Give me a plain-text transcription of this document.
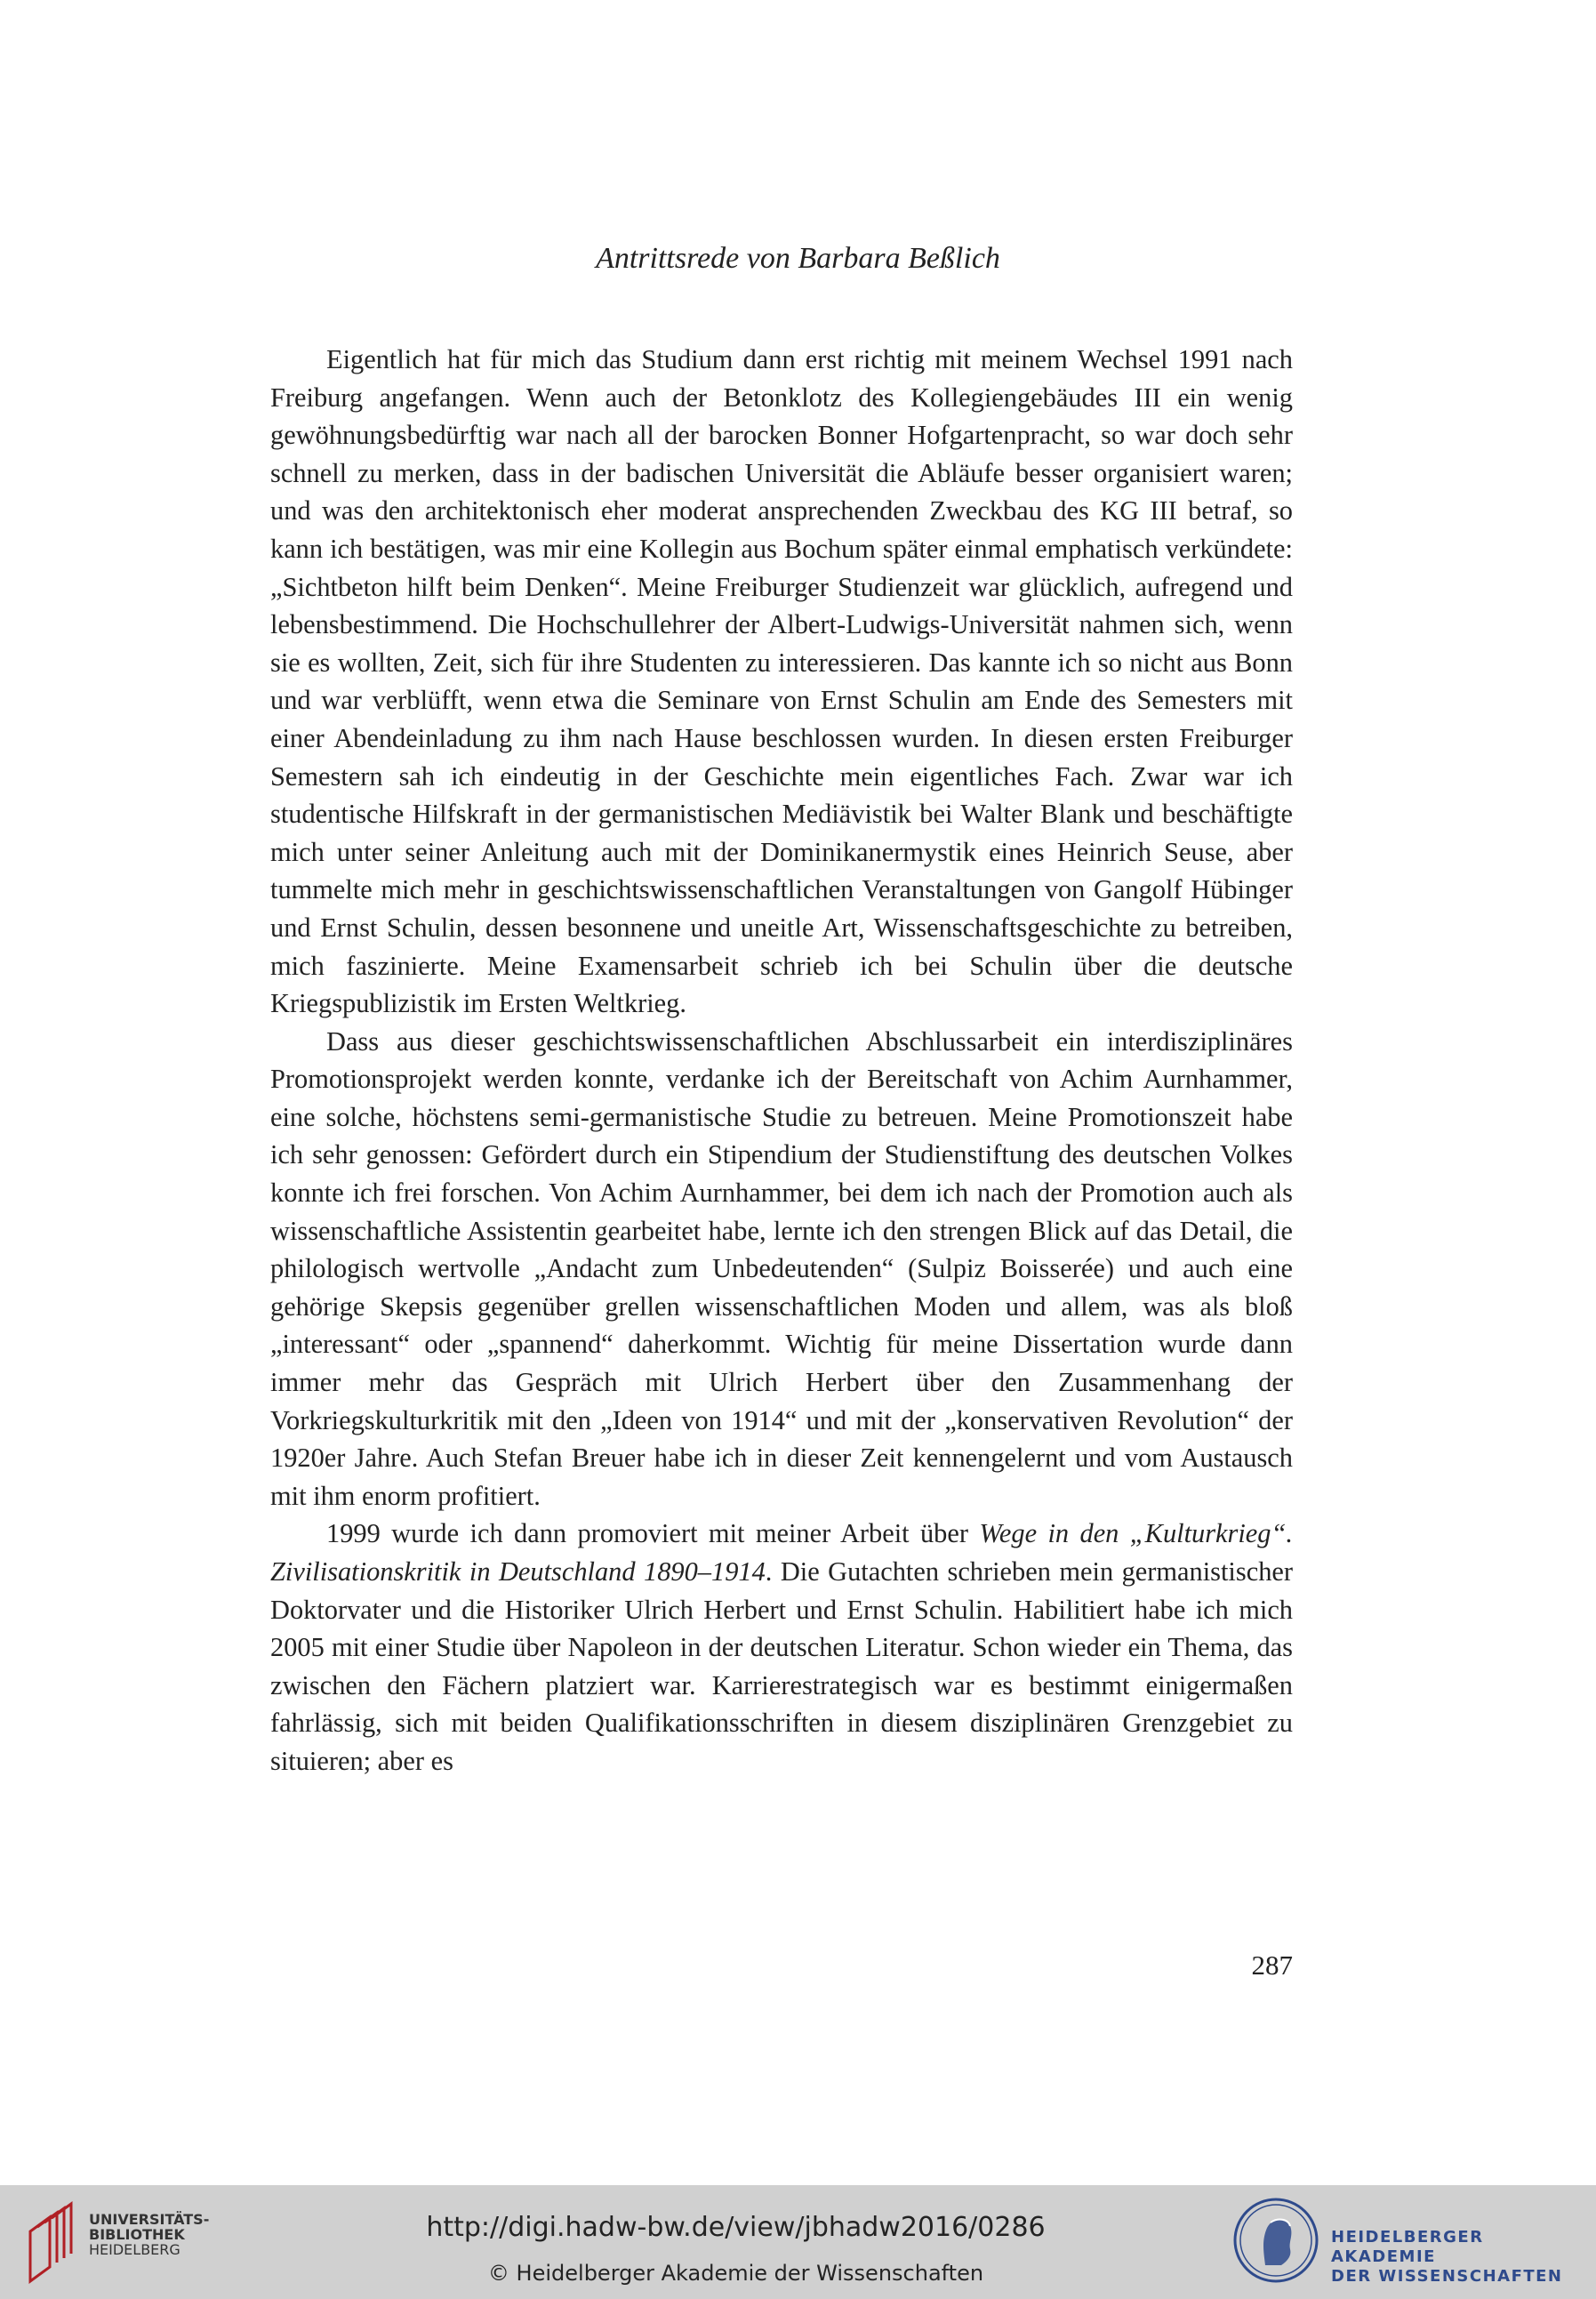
Antrittsrede von Barbara Beßlich

Eigentlich hat für mich das Studium dann erst richtig mit meinem Wechsel 1991 nach Freiburg angefangen. Wenn auch der Betonklotz des Kollegiengebäudes III ein wenig gewöhnungsbedürftig war nach all der barocken Bonner Hofgartenpracht, so war doch sehr schnell zu merken, dass in der badischen Universität die Abläufe besser organisiert waren; und was den architektonisch eher moderat ansprechenden Zweckbau des KG III betraf, so kann ich bestätigen, was mir eine Kollegin aus Bochum später einmal emphatisch verkündete: „Sichtbeton hilft beim Denken“. Meine Freiburger Studienzeit war glücklich, aufregend und lebensbestimmend. Die Hochschullehrer der Albert-Ludwigs-Universität nahmen sich, wenn sie es wollten, Zeit, sich für ihre Studenten zu interessieren. Das kannte ich so nicht aus Bonn und war verblüfft, wenn etwa die Seminare von Ernst Schulin am Ende des Semesters mit einer Abendeinladung zu ihm nach Hause beschlossen wurden. In diesen ersten Freiburger Semestern sah ich eindeutig in der Geschichte mein eigentliches Fach. Zwar war ich studentische Hilfskraft in der germanistischen Mediävistik bei Walter Blank und beschäftigte mich unter seiner Anleitung auch mit der Dominikanermystik eines Heinrich Seuse, aber tummelte mich mehr in geschichtswissenschaftlichen Veranstaltungen von Gangolf Hübinger und Ernst Schulin, dessen besonnene und uneitle Art, Wissenschaftsgeschichte zu betreiben, mich faszinierte. Meine Examensarbeit schrieb ich bei Schulin über die deutsche Kriegspublizistik im Ersten Weltkrieg.

Dass aus dieser geschichtswissenschaftlichen Abschlussarbeit ein interdisziplinäres Promotionsprojekt werden konnte, verdanke ich der Bereitschaft von Achim Aurnhammer, eine solche, höchstens semi-germanistische Studie zu betreuen. Meine Promotionszeit habe ich sehr genossen: Gefördert durch ein Stipendium der Studienstiftung des deutschen Volkes konnte ich frei forschen. Von Achim Aurnhammer, bei dem ich nach der Promotion auch als wissenschaftliche Assistentin gearbeitet habe, lernte ich den strengen Blick auf das Detail, die philologisch wertvolle „Andacht zum Unbedeutenden“ (Sulpiz Boisserée) und auch eine gehörige Skepsis gegenüber grellen wissenschaftlichen Moden und allem, was als bloß „interessant“ oder „spannend“ daherkommt. Wichtig für meine Dissertation wurde dann immer mehr das Gespräch mit Ulrich Herbert über den Zusammenhang der Vorkriegskulturkritik mit den „Ideen von 1914“ und mit der „konservativen Revolution“ der 1920er Jahre. Auch Stefan Breuer habe ich in dieser Zeit kennengelernt und vom Austausch mit ihm enorm profitiert.

1999 wurde ich dann promoviert mit meiner Arbeit über Wege in den „Kulturkrieg“. Zivilisationskritik in Deutschland 1890–1914. Die Gutachten schrieben mein germanistischer Doktorvater und die Historiker Ulrich Herbert und Ernst Schulin. Habilitiert habe ich mich 2005 mit einer Studie über Napoleon in der deutschen Literatur. Schon wieder ein Thema, das zwischen den Fächern platziert war. Karrierestrategisch war es bestimmt einigermaßen fahrlässig, sich mit beiden Qualifikationsschriften in diesem disziplinären Grenzgebiet zu situieren; aber es

287
UNIVERSITÄTS-
BIBLIOTHEK
HEIDELBERG
http://digi.hadw-bw.de/view/jbhadw2016/0286
© Heidelberger Akademie der Wissenschaften
HEIDELBERGER AKADEMIE
DER WISSENSCHAFTEN
